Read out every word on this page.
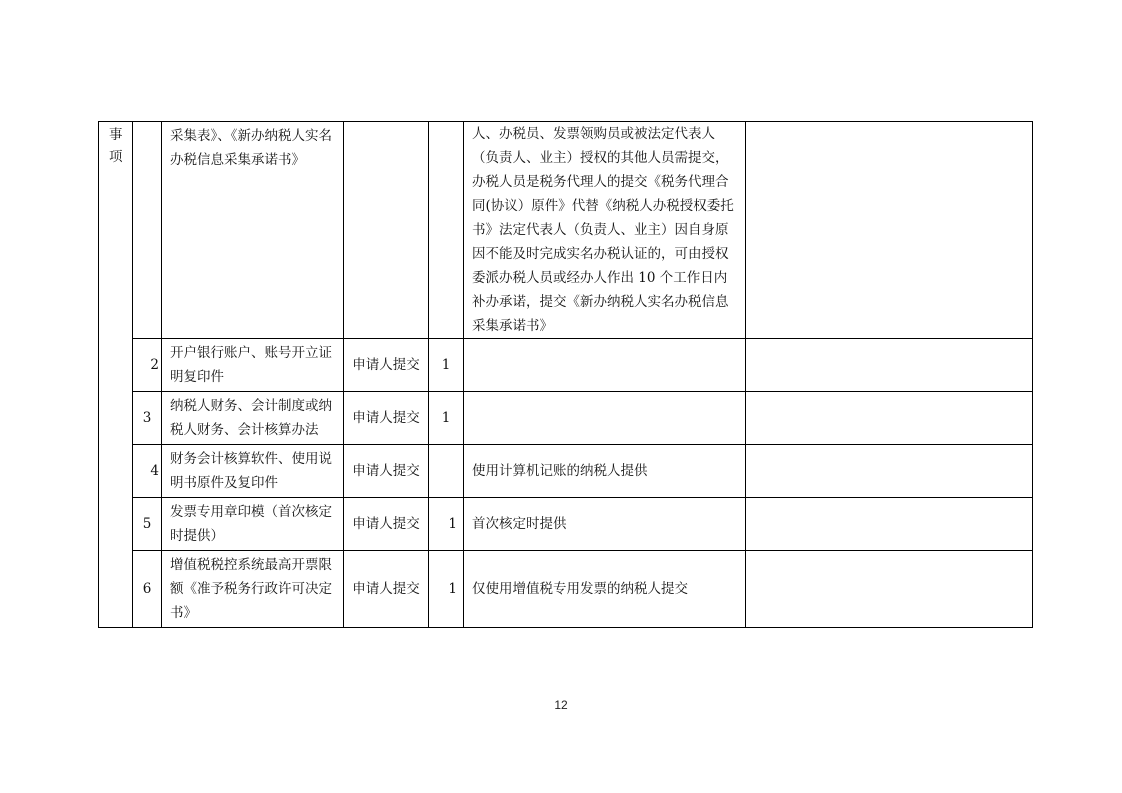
事项		采集表》、《新办纳税人实名办税信息采集承诺书》			人、办税员、发票领购员或被法定代表人（负责人、业主）授权的其他人员需提交，办税人员是税务代理人的提交《税务代理合同(协议）原件》代替《纳税人办税授权委托书》法定代表人（负责人、业主）因自身原因不能及时完成实名办税认证的，可由授权委派办税人员或经办人作出 10 个工作日内补办承诺，提交《新办纳税人实名办税信息采集承诺书》	
	2	开户银行账户、账号开立证明复印件	申请人提交	1		
	3	纳税人财务、会计制度或纳税人财务、会计核算办法	申请人提交	1		
	4	财务会计核算软件、使用说明书原件及复印件	申请人提交		使用计算机记账的纳税人提供	
	5	发票专用章印模（首次核定时提供）	申请人提交	1	首次核定时提供	
	6	增值税税控系统最高开票限额《准予税务行政许可决定书》	申请人提交	1	仅使用增值税专用发票的纳税人提交	
12
